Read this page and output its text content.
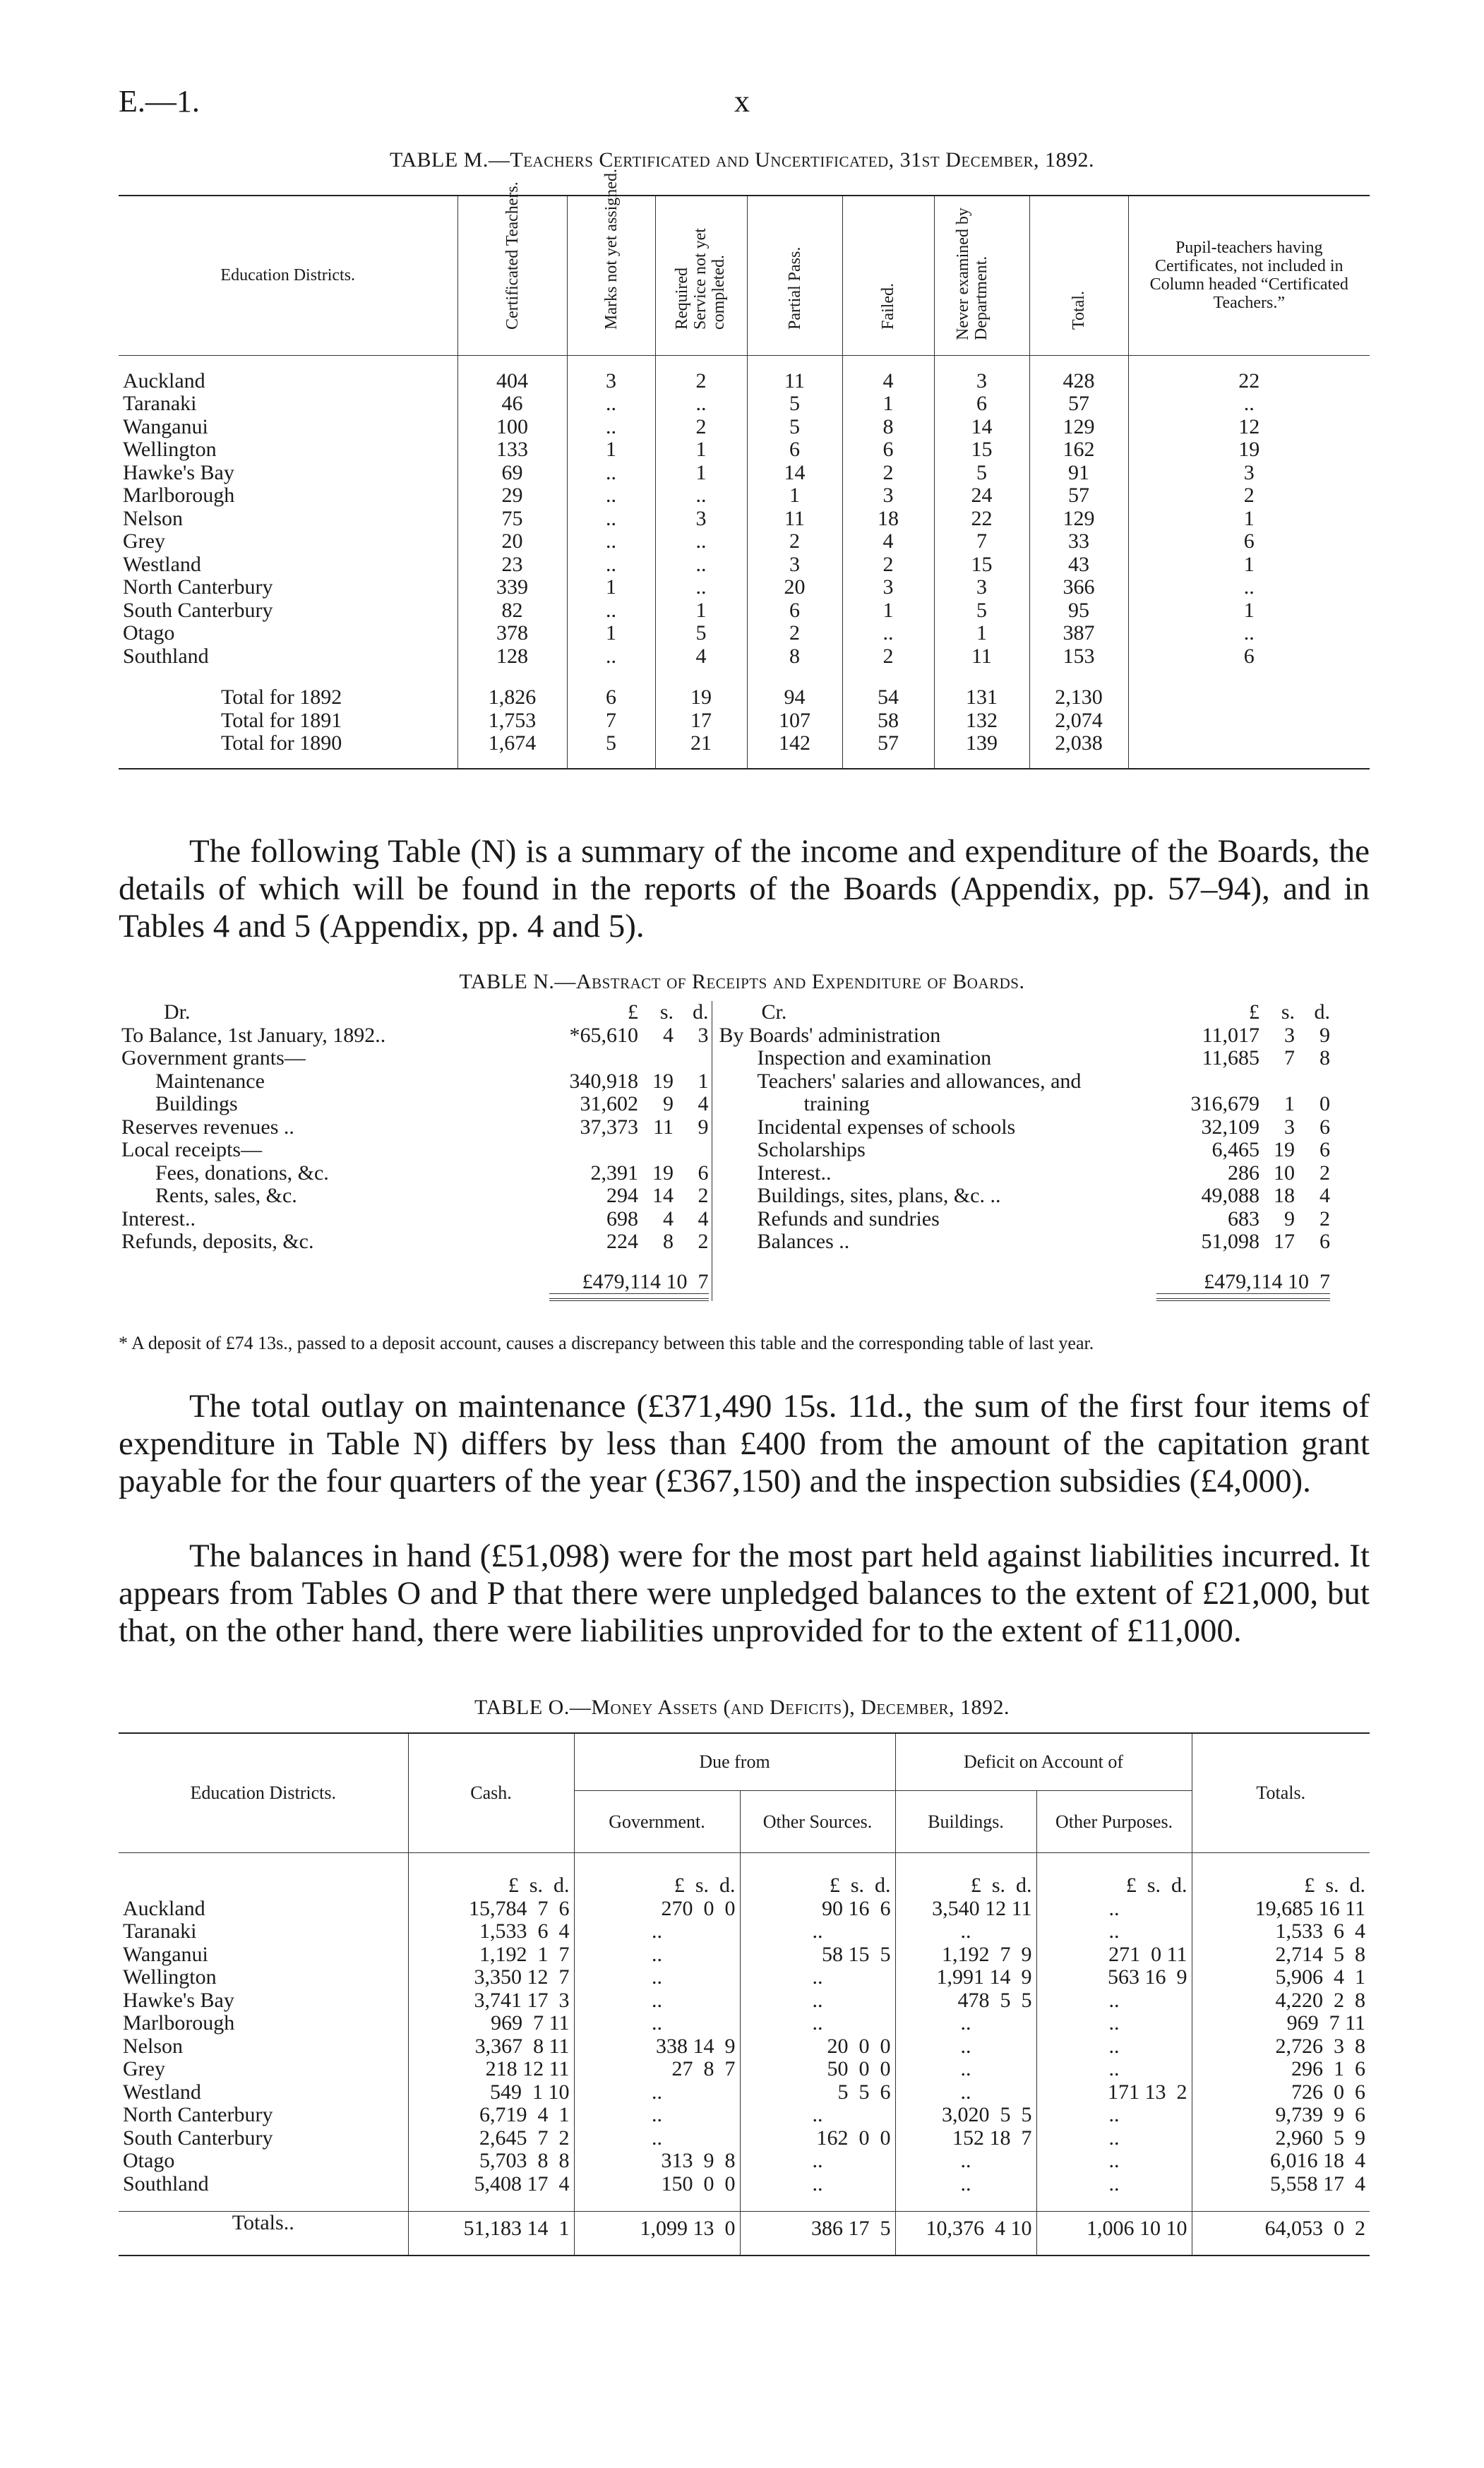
E.—1.	x
TABLE M.—Teachers Certificated and Uncertificated, 31st December, 1892.
Education Districts.	Certificated Teachers.	Marks not yet assigned.	Required Service not yet completed.	Partial Pass.	Failed.	Never examined by Department.	Total.	Pupil-teachers having Certificates, not included in Column headed “Certificated Teachers.”

Auckland	404	3	2	11	4	3	428	22
Taranaki	46	..	..	5	1	6	57	..
Wanganui	100	..	2	5	8	14	129	12
Wellington	133	1	1	6	6	15	162	19
Hawke's Bay	69	..	1	14	2	5	91	3
Marlborough	29	..	..	1	3	24	57	2
Nelson	75	..	3	11	18	22	129	1
Grey	20	..	..	2	4	7	33	6
Westland	23	..	..	3	2	15	43	1
North Canterbury	339	1	..	20	3	3	366	..
South Canterbury	82	..	1	6	1	5	95	1
Otago	378	1	5	2	..	1	387	..
Southland	128	..	4	8	2	11	153	6

Total for 1892	1,826	6	19	94	54	131	2,130	
Total for 1891	1,753	7	17	107	58	132	2,074	
Total for 1890	1,674	5	21	142	57	139	2,038	

The following Table (N) is a summary of the income and expenditure of the Boards, the details of which will be found in the reports of the Boards (Appendix, pp. 57–94), and in Tables 4 and 5 (Appendix, pp. 4 and 5).

TABLE N.—Abstract of Receipts and Expenditure of Boards.
Dr.	£	s.	d.	Cr.	£	s.	d.	
To Balance, 1st January, 1892..	*65,610	4	3	By Boards' administration	11,017	3	9	
Government grants—				Inspection and examination	11,685	7	8	
Maintenance	340,918	19	1	Teachers' salaries and allowances, and				
Buildings	31,602	9	4	training	316,679	1	0	
Reserves revenues ..	37,373	11	9	Incidental expenses of schools	32,109	3	6	
Local receipts—				Scholarships	6,465	19	6	
Fees, donations, &c.	2,391	19	6	Interest..	286	10	2	
Rents, sales, &c.	294	14	2	Buildings, sites, plans, &c. ..	49,088	18	4	
Interest..	698	4	4	Refunds and sundries	683	9	2	
Refunds, deposits, &c.	224	8	2	Balances ..	51,098	17	6	
	£479,114 10  7				£479,114 10  7			

* A deposit of £74 13s., passed to a deposit account, causes a discrepancy between this table and the corresponding table of last year.

The total outlay on maintenance (£371,490 15s. 11d., the sum of the first four items of expenditure in Table N) differs by less than £400 from the amount of the capitation grant payable for the four quarters of the year (£367,150) and the inspection subsidies (£4,000).

The balances in hand (£51,098) were for the most part held against liabilities incurred. It appears from Tables O and P that there were unpledged balances to the extent of £21,000, but that, on the other hand, there were liabilities unprovided for to the extent of £11,000.

TABLE O.—Money Assets (and Deficits), December, 1892.
Education Districts.	Cash.	Due from		Deficit on Account of		Totals.
		Government.	Other Sources.	Buildings.	Other Purposes.	

	£  s.  d.	£  s.  d.	£  s.  d.	£  s.  d.	£  s.  d.	£  s.  d.
Auckland	15,784  7  6	270  0  0	90 16  6	3,540 12 11	..	19,685 16 11
Taranaki	1,533  6  4	..	..	..	..	1,533  6  4
Wanganui	1,192  1  7	..	58 15  5	1,192  7  9	271  0 11	2,714  5  8
Wellington	3,350 12  7	..	..	1,991 14  9	563 16  9	5,906  4  1
Hawke's Bay	3,741 17  3	..	..	478  5  5	..	4,220  2  8
Marlborough	969  7 11	..	..	..	..	969  7 11
Nelson	3,367  8 11	338 14  9	20  0  0	..	..	2,726  3  8
Grey	218 12 11	27  8  7	50  0  0	..	..	296  1  6
Westland	549  1 10	..	5  5  6	..	171 13  2	726  0  6
North Canterbury	6,719  4  1	..	..	3,020  5  5	..	9,739  9  6
South Canterbury	2,645  7  2	..	162  0  0	152 18  7	..	2,960  5  9
Otago	5,703  8  8	313  9  8	..	..	..	6,016 18  4
Southland	5,408 17  4	150  0  0	..	..	..	5,558 17  4

Totals..	51,183 14  1	1,099 13  0	386 17  5	10,376  4 10	1,006 10 10	64,053  0  2
